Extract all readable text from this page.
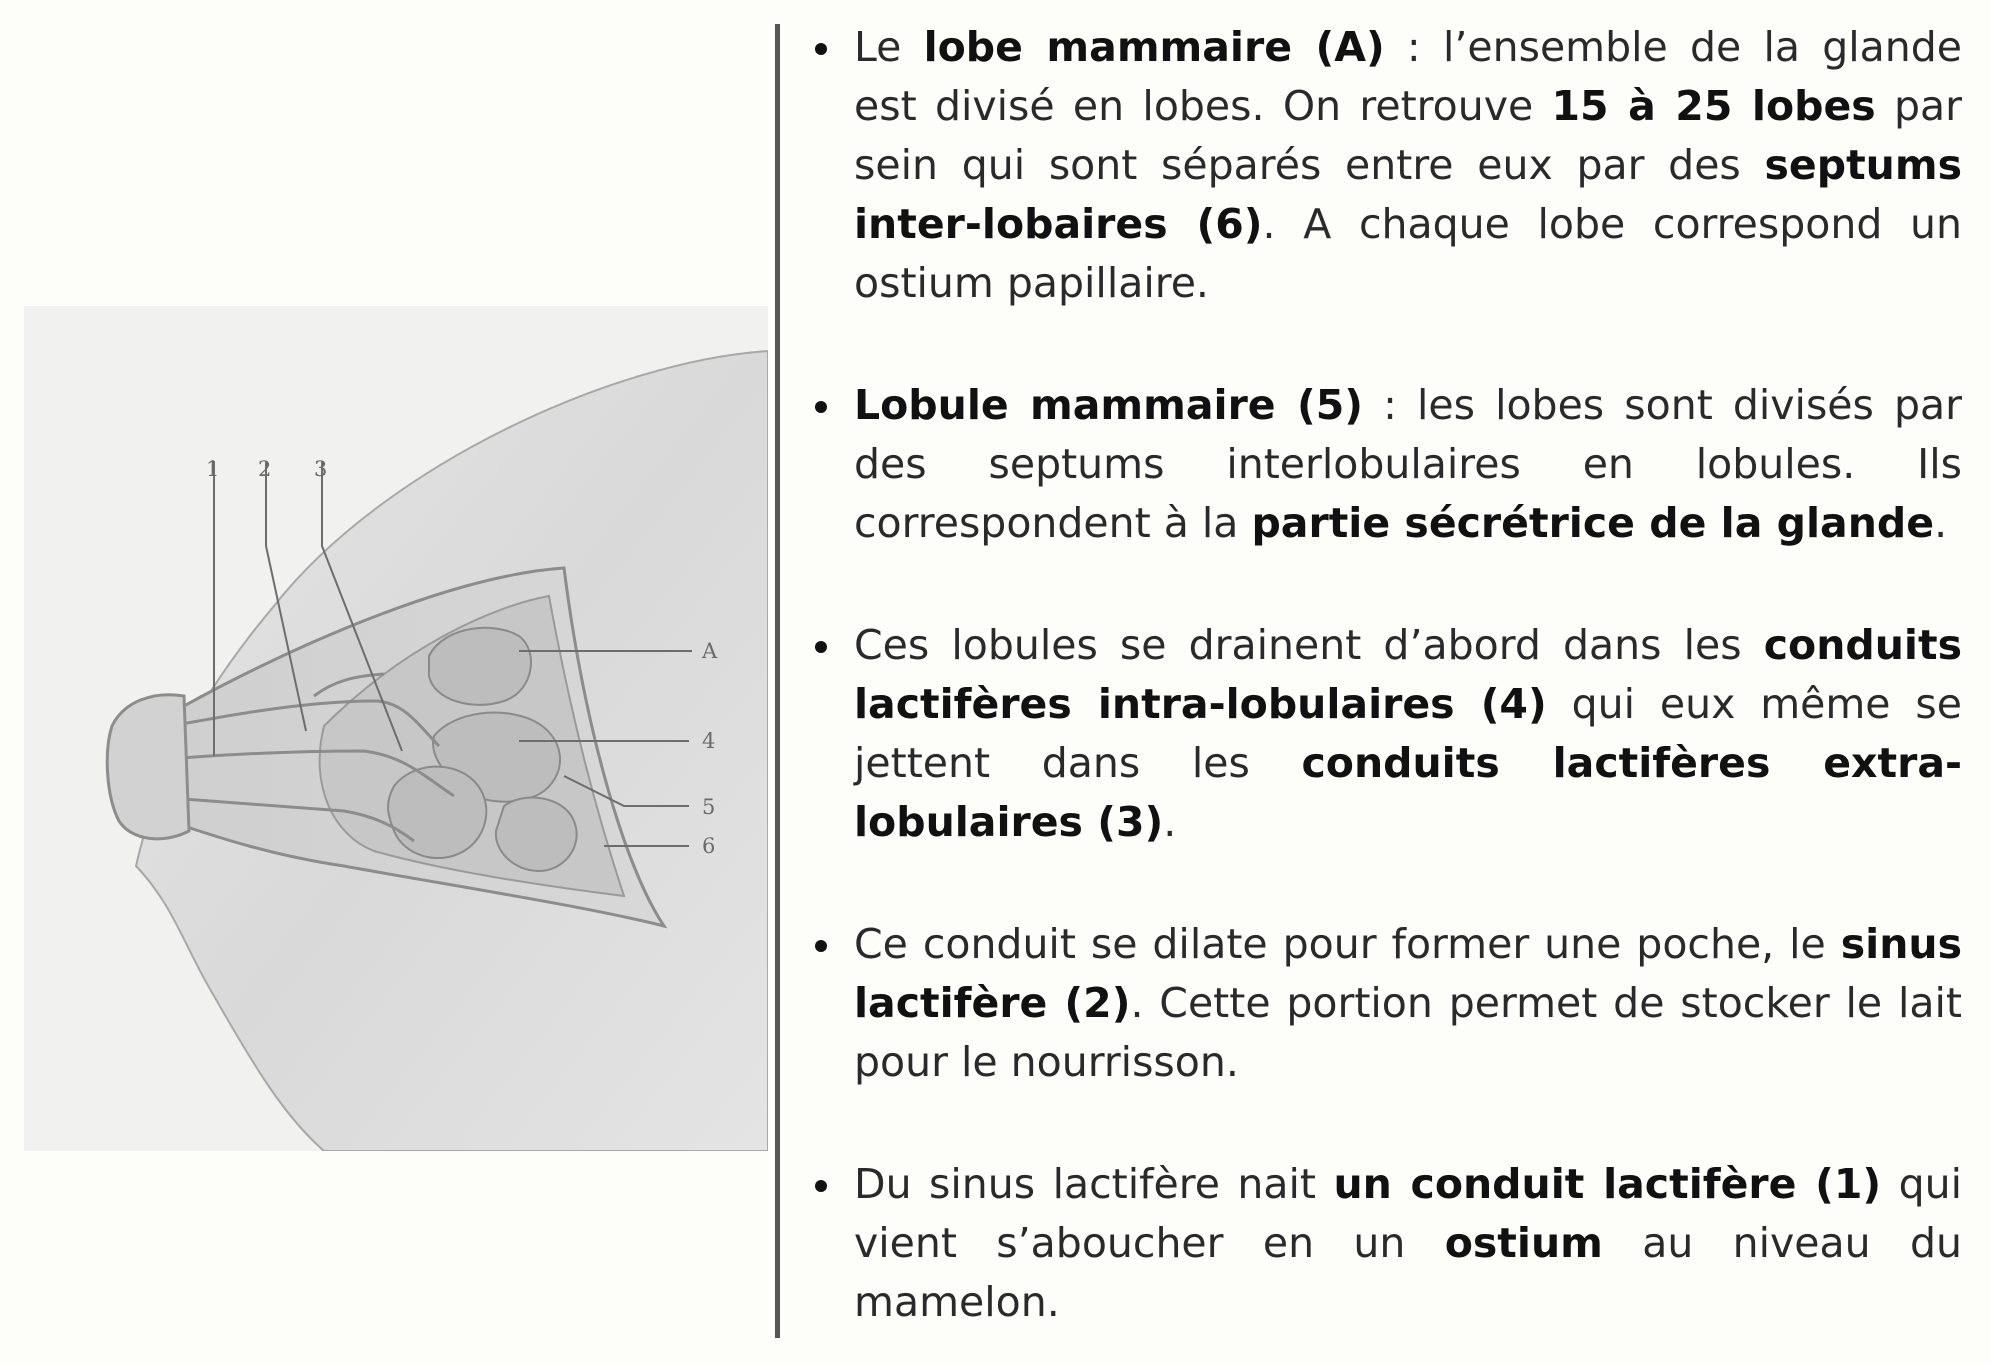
1 2 3
A
4
5
6
Le lobe mammaire (A) : l’ensemble de la glande est divisé en lobes. On retrouve 15 à 25 lobes par sein qui sont séparés entre eux par des septums inter-lobaires (6). A chaque lobe correspond un ostium papillaire.
Lobule mammaire (5) : les lobes sont divisés par des septums interlobulaires en lobules. Ils correspondent à la partie sécrétrice de la glande.
Ces lobules se drainent d’abord dans les conduits lactifères intra-lobulaires (4) qui eux même se jettent dans les conduits lactifères extra-lobulaires (3).
Ce conduit se dilate pour former une poche, le sinus lactifère (2). Cette portion permet de stocker le lait pour le nourrisson.
Du sinus lactifère nait un conduit lactifère (1) qui vient s’aboucher en un ostium au niveau du mamelon.
